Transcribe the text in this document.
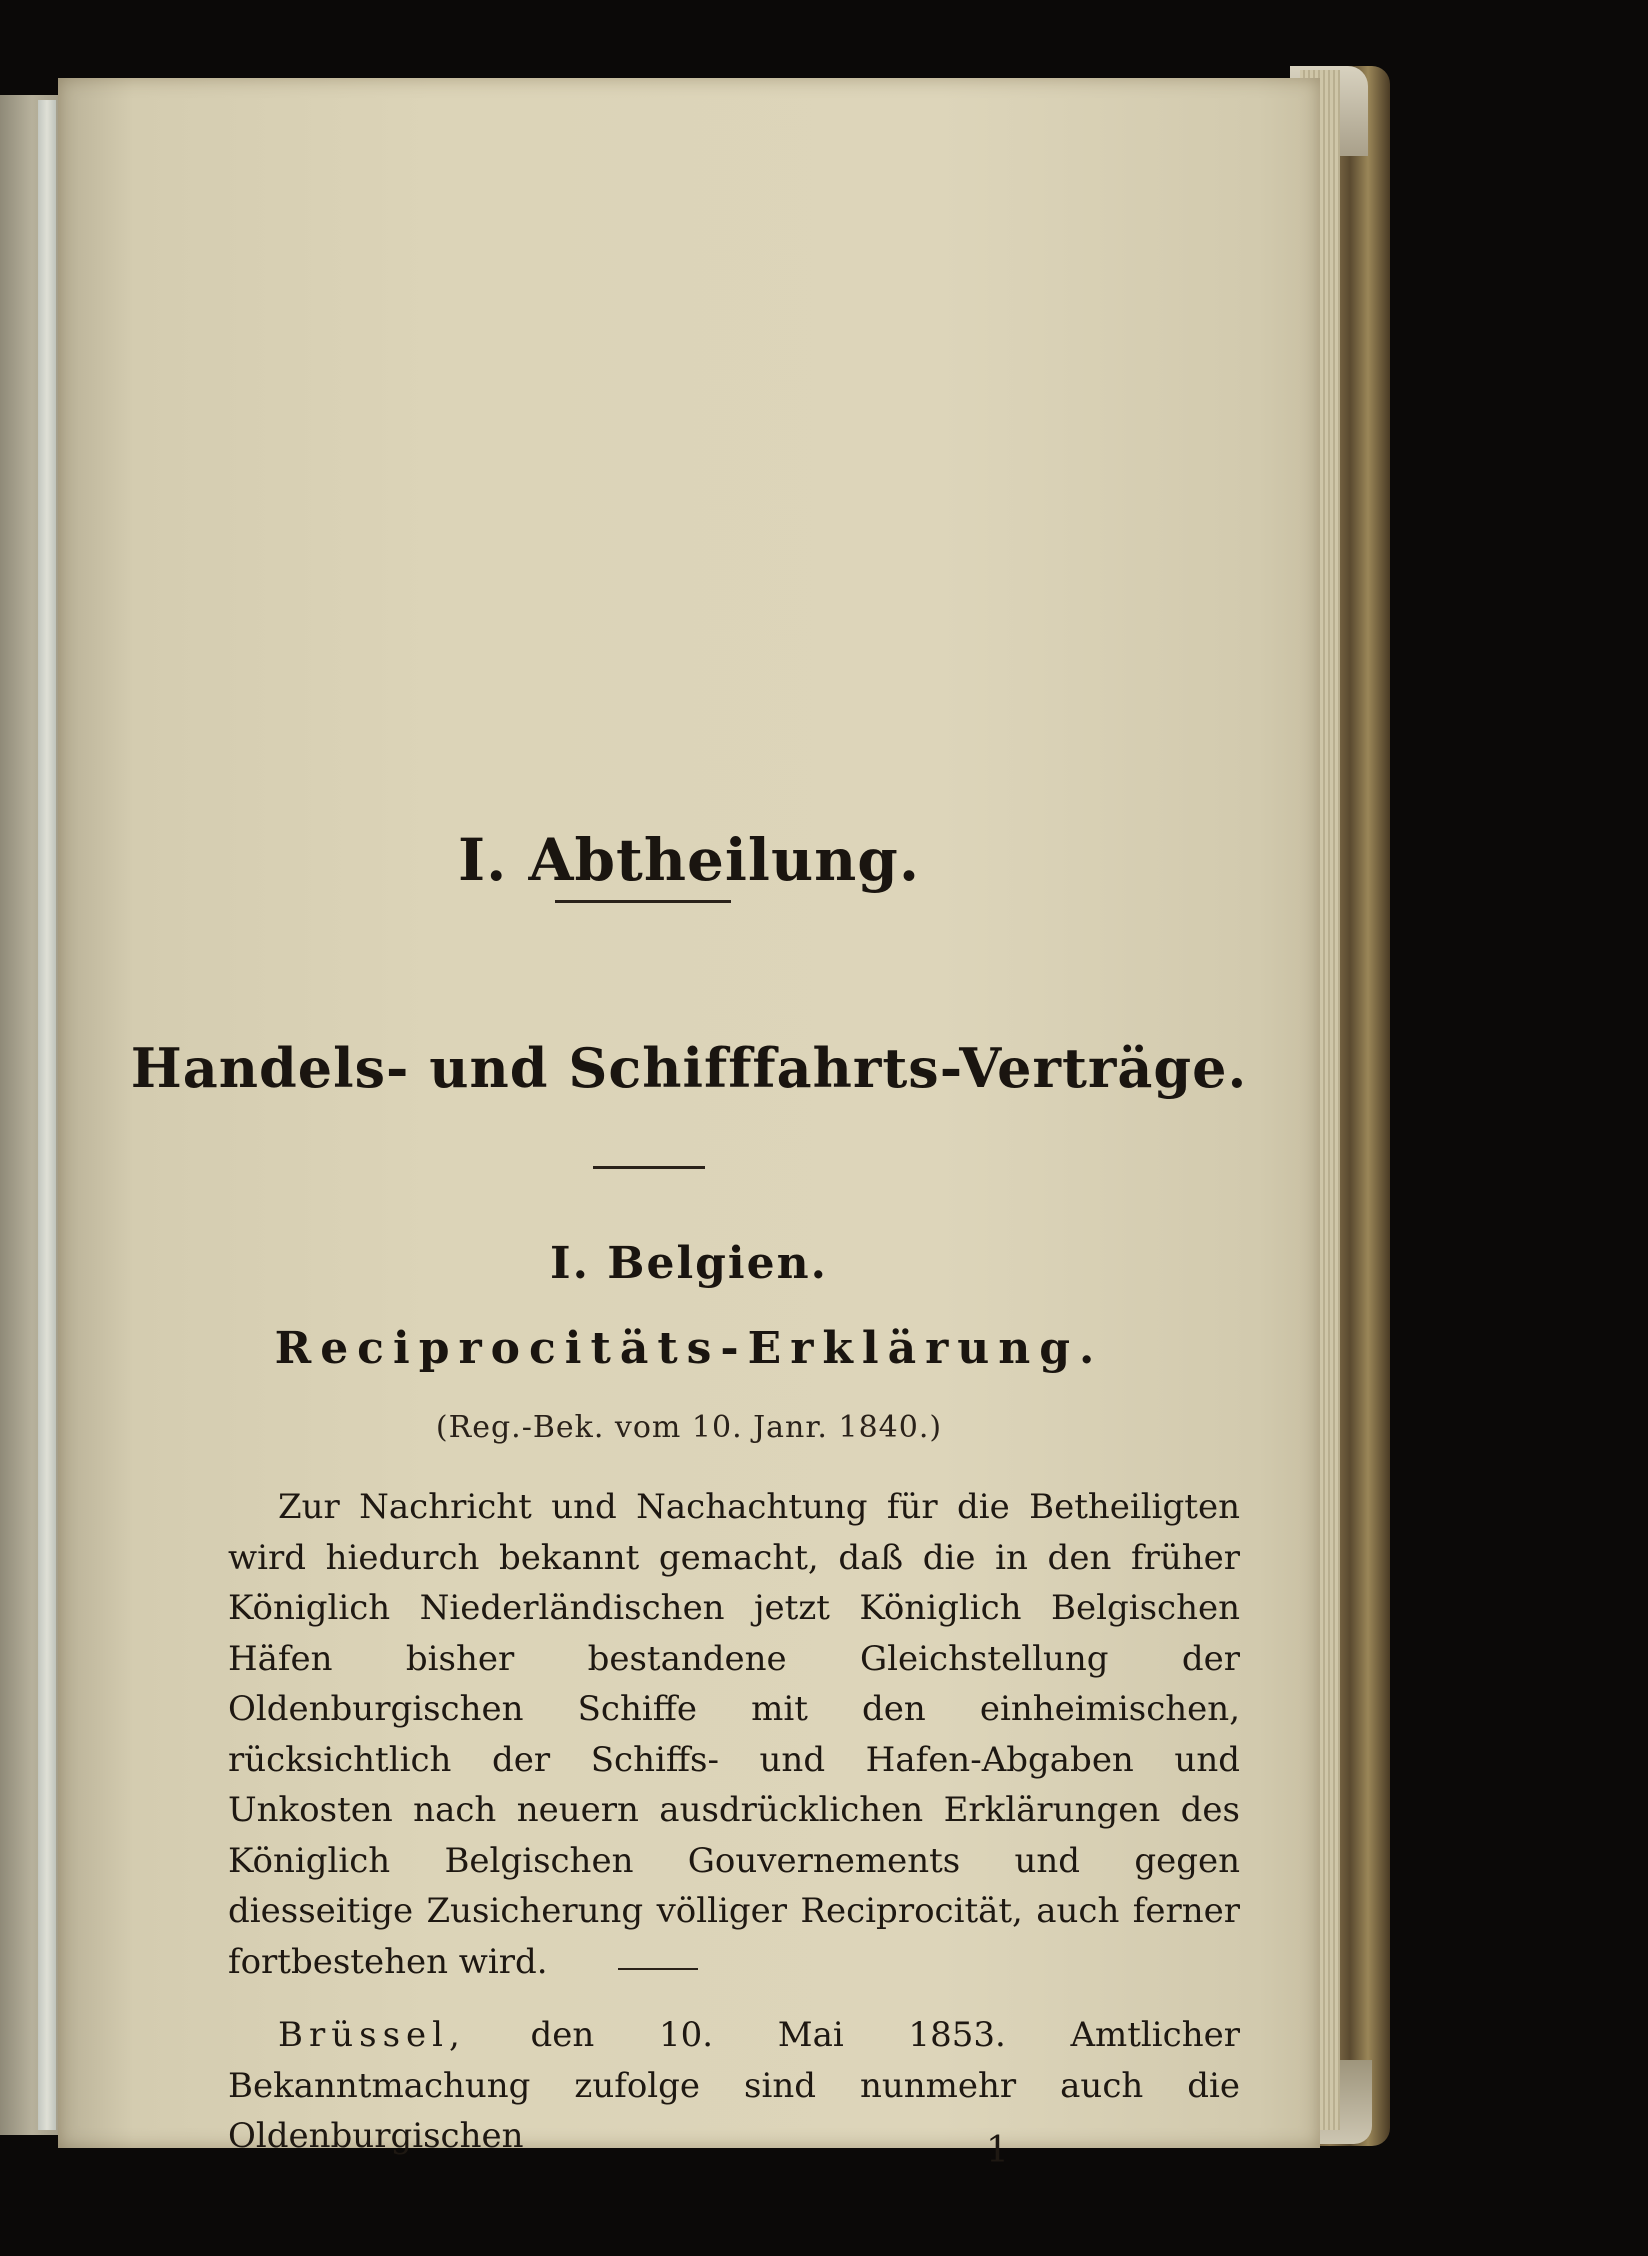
I. Abtheilung.
Handels- und Schifffahrts-Verträge.
I. Belgien.
Reciprocitäts-Erklärung.
(Reg.-Bek. vom 10. Janr. 1840.)
Zur Nachricht und Nachachtung für die Betheiligten wird hiedurch bekannt gemacht, daß die in den früher Königlich Niederländischen jetzt Königlich Belgischen Häfen bisher bestandene Gleichstellung der Oldenburgischen Schiffe mit den einheimischen, rücksichtlich der Schiffs- und Hafen-Abgaben und Unkosten nach neuern ausdrücklichen Erklärungen des Königlich Belgischen Gouvernements und gegen diesseitige Zusicherung völliger Reciprocität, auch ferner fortbestehen wird.
Brüssel, den 10. Mai 1853. Amtlicher Bekanntmachung zufolge sind nunmehr auch die Oldenburgischen	1
